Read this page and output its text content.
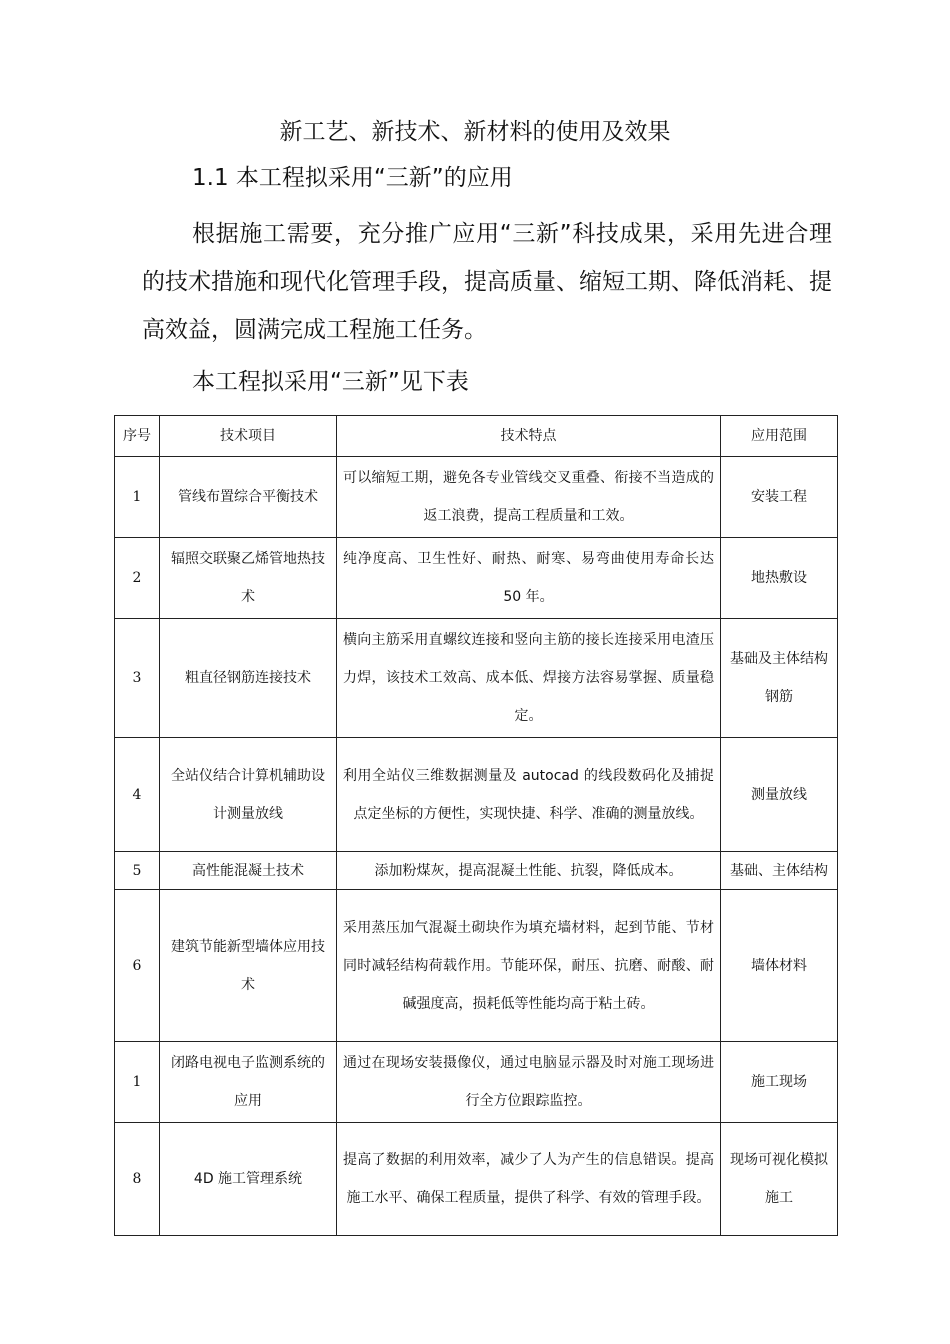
新工艺、新技术、新材料的使用及效果
1.1 本工程拟采用“三新”的应用
根据施工需要，充分推广应用“三新”科技成果，采用先进合理的技术措施和现代化管理手段，提高质量、缩短工期、降低消耗、提高效益，圆满完成工程施工任务。
本工程拟采用“三新”见下表
序号	技术项目	技术特点	应用范围
1	管线布置综合平衡技术	可以缩短工期，避免各专业管线交叉重叠、衔接不当造成的返工浪费，提高工程质量和工效。	安装工程
2	辐照交联聚乙烯管地热技术	纯净度高、卫生性好、耐热、耐寒、易弯曲使用寿命长达 50 年。	地热敷设
3	粗直径钢筋连接技术	横向主筋采用直螺纹连接和竖向主筋的接长连接采用电渣压力焊，该技术工效高、成本低、焊接方法容易掌握、质量稳定。	基础及主体结构钢筋
4	全站仪结合计算机辅助设计测量放线	利用全站仪三维数据测量及 autocad 的线段数码化及捕捉点定坐标的方便性，实现快捷、科学、准确的测量放线。	测量放线
5	高性能混凝土技术	添加粉煤灰，提高混凝土性能、抗裂，降低成本。	基础、主体结构
6	建筑节能新型墙体应用技术	采用蒸压加气混凝土砌块作为填充墙材料，起到节能、节材同时减轻结构荷载作用。节能环保，耐压、抗磨、耐酸、耐碱强度高，损耗低等性能均高于粘土砖。	墙体材料
1	闭路电视电子监测系统的应用	通过在现场安装摄像仪，通过电脑显示器及时对施工现场进行全方位跟踪监控。	施工现场
8	4D 施工管理系统	提高了数据的利用效率，减少了人为产生的信息错误。提高施工水平、确保工程质量，提供了科学、有效的管理手段。	现场可视化模拟施工
